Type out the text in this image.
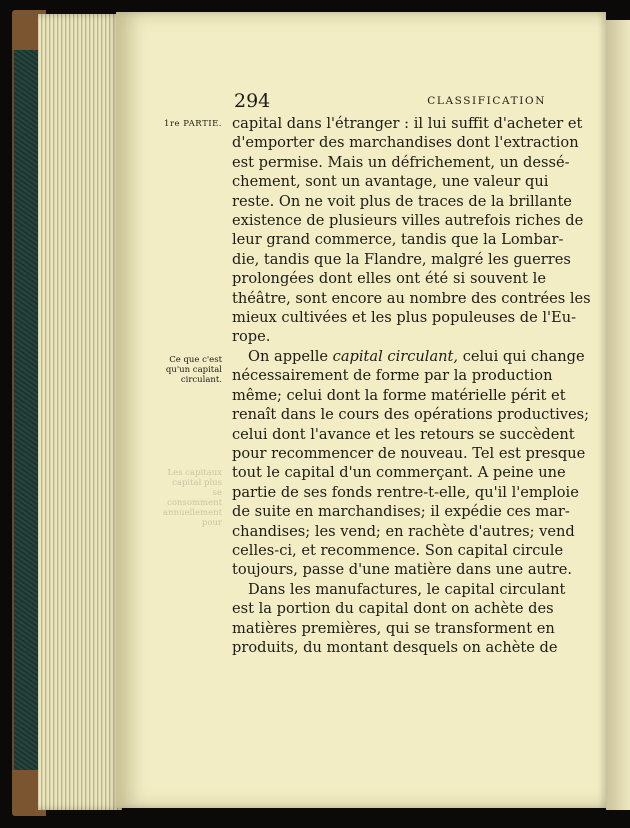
294	CLASSIFICATION
1re PARTIE.
Ce que c'est
qu'un capital
circulant.
Les capitaux
capital plus
se consomment
annuellement
pour
capital dans l'étranger : il lui suffit d'acheter et
d'emporter des marchandises dont l'extraction
est permise. Mais un défrichement, un dessé-
chement, sont un avantage, une valeur qui
reste. On ne voit plus de traces de la brillante
existence de plusieurs villes autrefois riches de
leur grand commerce, tandis que la Lombar-
die, tandis que la Flandre, malgré les guerres
prolongées dont elles ont été si souvent le
théâtre, sont encore au nombre des contrées les
mieux cultivées et les plus populeuses de l'Eu-
rope.
On appelle capital circulant, celui qui change
nécessairement de forme par la production
même; celui dont la forme matérielle périt et
renaît dans le cours des opérations productives;
celui dont l'avance et les retours se succèdent
pour recommencer de nouveau. Tel est presque
tout le capital d'un commerçant. A peine une
partie de ses fonds rentre-t-elle, qu'il l'emploie
de suite en marchandises; il expédie ces mar-
chandises; les vend; en rachète d'autres; vend
celles-ci, et recommence. Son capital circule
toujours, passe d'une matière dans une autre.
Dans les manufactures, le capital circulant
est la portion du capital dont on achète des
matières premières, qui se transforment en
produits, du montant desquels on achète de
